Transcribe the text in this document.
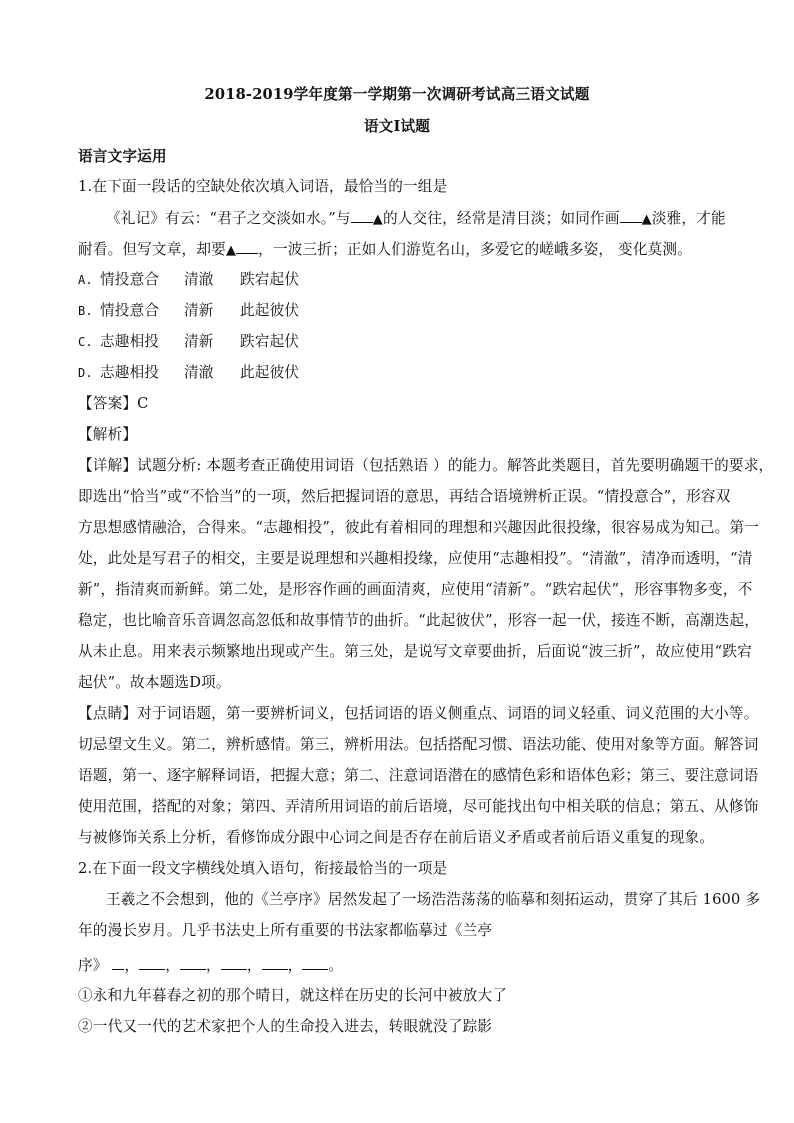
2018-2019学年度第一学期第一次调研考试高三语文试题
语文Ⅰ试题
语言文字运用
1.在下面一段话的空缺处依次填入词语，最恰当的一组是
《礼记》有云：“君子之交淡如水。”与 ▲的人交往，经常是清目淡；如同作画 ▲淡雅，才能
耐看。但写文章，却要▲ ，一波三折；正如人们游览名山，多爱它的嵯峨多姿， 变化莫测。
A. 情投意合 清澈 跌宕起伏
B. 情投意合 清新 此起彼伏
C. 志趣相投 清新 跌宕起伏
D. 志趣相投 清澈 此起彼伏
【答案】C
【解析】
【详解】试题分析: 本题考查正确使用词语（包括熟语 ）的能力。解答此类题目，首先要明确题干的要求，
即选出“恰当”或“不恰当”的一项，然后把握词语的意思，再结合语境辨析正误。“情投意合”，形容双
方思想感情融洽，合得来。“志趣相投”，彼此有着相同的理想和兴趣因此很投缘，很容易成为知己。第一
处，此处是写君子的相交，主要是说理想和兴趣相投缘，应使用“志趣相投”。“清澈”，清净而透明，“清
新”，指清爽而新鲜。第二处，是形容作画的画面清爽，应使用“清新”。“跌宕起伏”，形容事物多变，不
稳定，也比喻音乐音调忽高忽低和故事情节的曲折。“此起彼伏”，形容一起一伏，接连不断，高潮迭起，
从未止息。用来表示频繁地出现或产生。第三处，是说写文章要曲折，后面说“波三折”，故应使用“跌宕
起伏”。故本题选D项。
【点睛】对于词语题，第一要辨析词义，包括词语的语义侧重点、词语的词义轻重、词义范围的大小等。
切忌望文生义。第二，辨析感情。第三，辨析用法。包括搭配习惯、语法功能、使用对象等方面。解答词
语题，第一、逐字解释词语，把握大意；第二、注意词语潜在的感情色彩和语体色彩；第三、要注意词语
使用范围，搭配的对象；第四、弄清所用词语的前后语境，尽可能找出句中相关联的信息；第五、从修饰
与被修饰关系上分析，看修饰成分跟中心词之间是否存在前后语义矛盾或者前后语义重复的现象。
2.在下面一段文字横线处填入语句，衔接最恰当的一项是
王羲之不会想到，他的《兰亭序》居然发起了一场浩浩荡荡的临摹和刻拓运动，贯穿了其后 1600 多
年的漫长岁月。几乎书法史上所有重要的书法家都临摹过《兰亭
序》 ， ， ， ， ， 。
①永和九年暮春之初的那个晴日，就这样在历史的长河中被放大了
②一代又一代的艺术家把个人的生命投入进去，转眼就没了踪影
